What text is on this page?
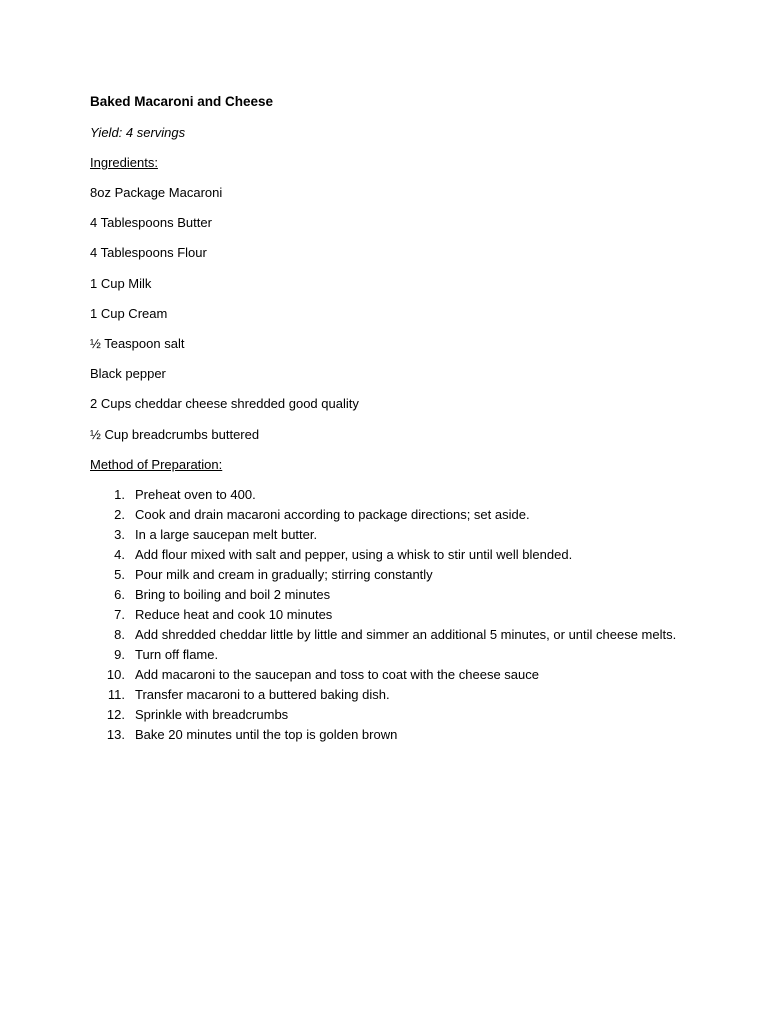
Baked Macaroni and Cheese
Yield: 4 servings
Ingredients:
8oz Package Macaroni
4 Tablespoons Butter
4 Tablespoons Flour
1 Cup Milk
1 Cup Cream
½ Teaspoon salt
Black pepper
2 Cups cheddar cheese shredded good quality
½ Cup breadcrumbs buttered
Method of Preparation:
1. Preheat oven to 400.
2. Cook and drain macaroni according to package directions; set aside.
3. In a large saucepan melt butter.
4. Add flour mixed with salt and pepper, using a whisk to stir until well blended.
5. Pour milk and cream in gradually; stirring constantly
6. Bring to boiling and boil 2 minutes
7. Reduce heat and cook 10 minutes
8. Add shredded cheddar little by little and simmer an additional 5 minutes, or until cheese melts.
9. Turn off flame.
10. Add macaroni to the saucepan and toss to coat with the cheese sauce
11. Transfer macaroni to a buttered baking dish.
12. Sprinkle with breadcrumbs
13. Bake 20 minutes until the top is golden brown
